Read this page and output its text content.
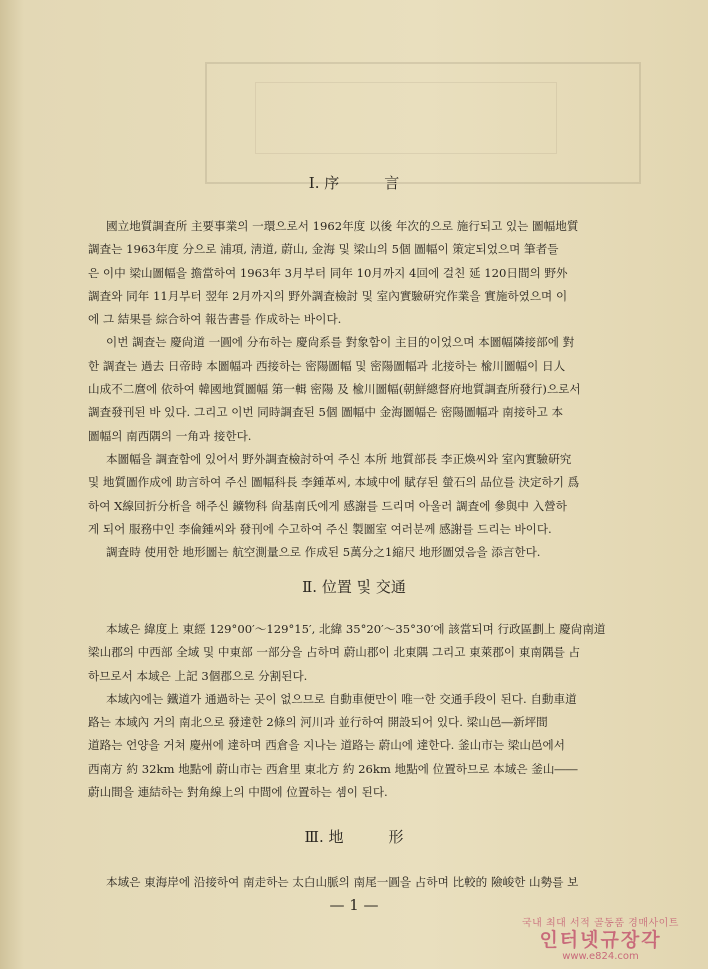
Ⅰ. 序　　　言
國立地質調査所 主要事業의 一環으로서 1962年度 以後 年次的으로 施行되고 있는 圖幅地質
調査는 1963年度 分으로 浦項, 淸道, 蔚山, 金海 및 梁山의 5個 圖幅이 策定되었으며 筆者들
은 이中 梁山圖幅을 擔當하여 1963年 3月부터 同年 10月까지 4回에 걸친 延 120日間의 野外
調査와 同年 11月부터 翌年 2月까지의 野外調査檢討 및 室內實驗硏究作業을 實施하였으며 이
에 그 結果를 綜合하여 報告書를 作成하는 바이다.
이번 調査는 慶尙道 一圓에 分布하는 慶尙系를 對象함이 主目的이었으며 本圖幅隣接部에 對
한 調査는 過去 日帝時 本圖幅과 西接하는 密陽圖幅 및 密陽圖幅과 北接하는 楡川圖幅이 日人
山成不二麿에 依하여 韓國地質圖幅 第一輯 密陽 及 楡川圖幅(朝鮮總督府地質調査所發行)으로서
調査發刊된 바 있다. 그리고 이번 同時調査된 5個 圖幅中 金海圖幅은 密陽圖幅과 南接하고 本
圖幅의 南西隅의 一角과 接한다.
本圖幅을 調査함에 있어서 野外調査檢討하여 주신 本所 地質部長 李正煥씨와 室內實驗硏究
및 地質圖作成에 助言하여 주신 圖幅科長 李鍾革씨, 本域中에 賦存된 螢石의 品位를 決定하기 爲
하여 X線回折分析을 해주신 鑛物科 尙基南氏에게 感謝를 드리며 아울러 調査에 參與中 入營하
게 되어 服務中인 李倫鍾씨와 發刊에 수고하여 주신 製圖室 여러분께 感謝를 드리는 바이다.
調査時 使用한 地形圖는 航空測量으로 作成된 5萬分之1縮尺 地形圖였음을 添言한다.
Ⅱ. 位置 및 交通
本域은 緯度上 東經 129°00′～129°15′, 北緯 35°20′～35°30′에 該當되며 行政區劃上 慶尙南道
梁山郡의 中西部 全域 및 中東部 一部分을 占하며 蔚山郡이 北東隅 그리고 東萊郡이 東南隅를 占
하므로서 本域은 上記 3個郡으로 分割된다.
本域內에는 鐵道가 通過하는 곳이 없으므로 自動車便만이 唯一한 交通手段이 된다. 自動車道
路는 本域內 거의 南北으로 發達한 2條의 河川과 並行하여 開設되어 있다. 梁山邑―新坪間
道路는 언양을 거쳐 慶州에 達하며 西倉을 지나는 道路는 蔚山에 達한다. 釜山市는 梁山邑에서
西南方 約 32km 地點에 蔚山市는 西倉里 東北方 約 26km 地點에 位置하므로 本域은 釜山――
蔚山間을 連結하는 對角線上의 中間에 位置하는 셈이 된다.
Ⅲ. 地　　　形
本域은 東海岸에 沿接하여 南走하는 太白山脈의 南尾一圓을 占하며 比較的 險峻한 山勢를 보
— 1 —
국내 최대 서적 골동품 경매사이트
인터넷규장각
www.e824.com
